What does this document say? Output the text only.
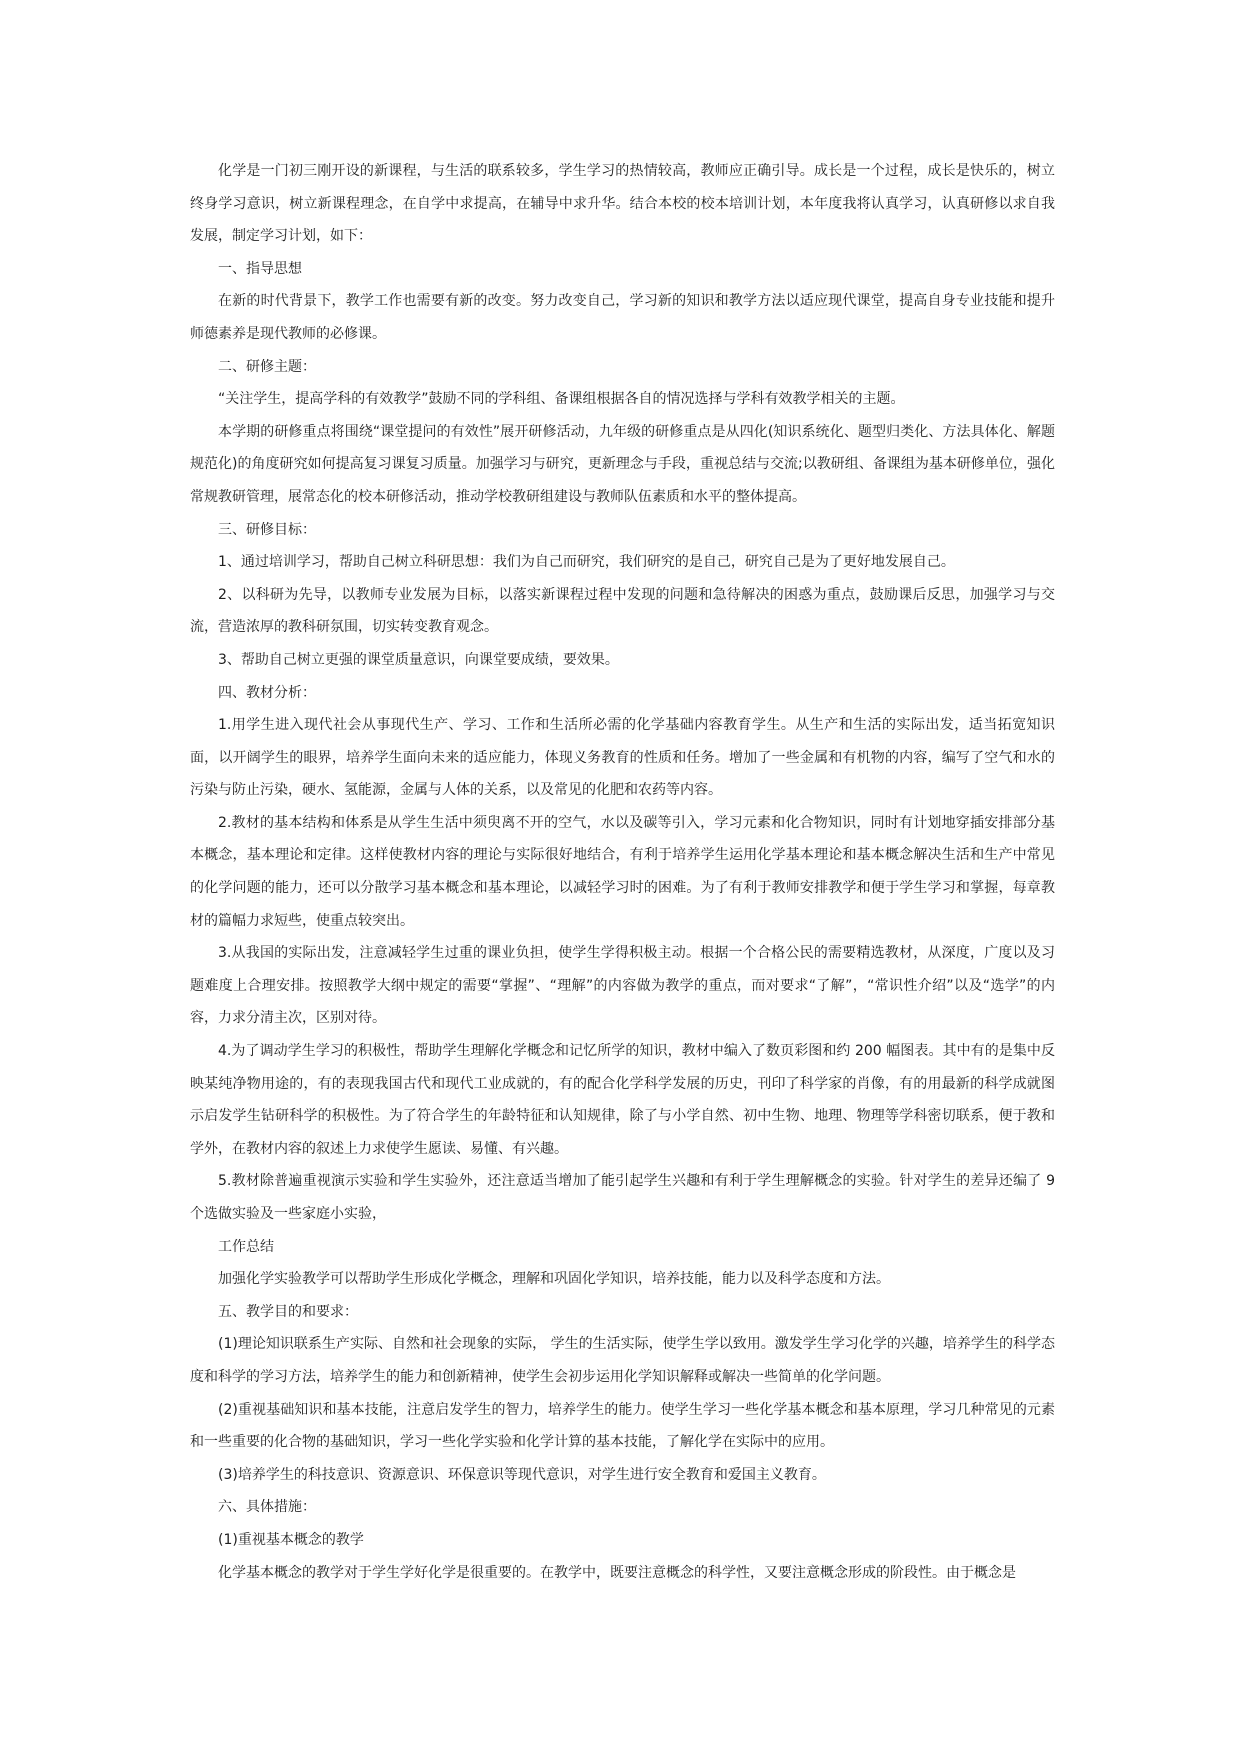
化学是一门初三刚开设的新课程，与生活的联系较多，学生学习的热情较高，教师应正确引导。成长是一个过程，成长是快乐的，树立终身学习意识，树立新课程理念，在自学中求提高，在辅导中求升华。结合本校的校本培训计划，本年度我将认真学习，认真研修以求自我发展，制定学习计划，如下：

一、指导思想

在新的时代背景下，教学工作也需要有新的改变。努力改变自己，学习新的知识和教学方法以适应现代课堂，提高自身专业技能和提升师德素养是现代教师的必修课。

二、研修主题：

“关注学生，提高学科的有效教学”鼓励不同的学科组、备课组根据各自的情况选择与学科有效教学相关的主题。

本学期的研修重点将围绕“课堂提问的有效性”展开研修活动，九年级的研修重点是从四化(知识系统化、题型归类化、方法具体化、解题规范化)的角度研究如何提高复习课复习质量。加强学习与研究，更新理念与手段，重视总结与交流;以教研组、备课组为基本研修单位，强化常规教研管理，展常态化的校本研修活动，推动学校教研组建设与教师队伍素质和水平的整体提高。

三、研修目标：

1、通过培训学习，帮助自己树立科研思想：我们为自己而研究，我们研究的是自己，研究自己是为了更好地发展自己。

2、以科研为先导，以教师专业发展为目标，以落实新课程过程中发现的问题和急待解决的困惑为重点，鼓励课后反思，加强学习与交流，营造浓厚的教科研氛围，切实转变教育观念。

3、帮助自己树立更强的课堂质量意识，向课堂要成绩，要效果。

四、教材分析：

1.用学生进入现代社会从事现代生产、学习、工作和生活所必需的化学基础内容教育学生。从生产和生活的实际出发，适当拓宽知识面，以开阔学生的眼界，培养学生面向未来的适应能力，体现义务教育的性质和任务。增加了一些金属和有机物的内容，编写了空气和水的污染与防止污染，硬水、氢能源，金属与人体的关系，以及常见的化肥和农药等内容。

2.教材的基本结构和体系是从学生生活中须臾离不开的空气，水以及碳等引入，学习元素和化合物知识，同时有计划地穿插安排部分基本概念，基本理论和定律。这样使教材内容的理论与实际很好地结合，有利于培养学生运用化学基本理论和基本概念解决生活和生产中常见的化学问题的能力，还可以分散学习基本概念和基本理论，以减轻学习时的困难。为了有利于教师安排教学和便于学生学习和掌握，每章教材的篇幅力求短些，使重点较突出。

3.从我国的实际出发，注意减轻学生过重的课业负担，使学生学得积极主动。根据一个合格公民的需要精选教材，从深度，广度以及习题难度上合理安排。按照教学大纲中规定的需要“掌握”、“理解”的内容做为教学的重点，而对要求“了解”，“常识性介绍”以及“选学”的内容，力求分清主次，区别对待。

4.为了调动学生学习的积极性，帮助学生理解化学概念和记忆所学的知识，教材中编入了数页彩图和约 200 幅图表。其中有的是集中反映某纯净物用途的，有的表现我国古代和现代工业成就的，有的配合化学科学发展的历史，刊印了科学家的肖像，有的用最新的科学成就图示启发学生钻研科学的积极性。为了符合学生的年龄特征和认知规律，除了与小学自然、初中生物、地理、物理等学科密切联系，便于教和学外，在教材内容的叙述上力求使学生愿读、易懂、有兴趣。

5.教材除普遍重视演示实验和学生实验外，还注意适当增加了能引起学生兴趣和有利于学生理解概念的实验。针对学生的差异还编了 9 个选做实验及一些家庭小实验，

工作总结

加强化学实验教学可以帮助学生形成化学概念，理解和巩固化学知识，培养技能，能力以及科学态度和方法。

五、教学目的和要求：

(1)理论知识联系生产实际、自然和社会现象的实际， 学生的生活实际，使学生学以致用。激发学生学习化学的兴趣，培养学生的科学态度和科学的学习方法，培养学生的能力和创新精神，使学生会初步运用化学知识解释或解决一些简单的化学问题。

(2)重视基础知识和基本技能，注意启发学生的智力，培养学生的能力。使学生学习一些化学基本概念和基本原理，学习几种常见的元素和一些重要的化合物的基础知识，学习一些化学实验和化学计算的基本技能，了解化学在实际中的应用。

(3)培养学生的科技意识、资源意识、环保意识等现代意识，对学生进行安全教育和爱国主义教育。

六、具体措施：

(1)重视基本概念的教学

化学基本概念的教学对于学生学好化学是很重要的。在教学中，既要注意概念的科学性，又要注意概念形成的阶段性。由于概念是
